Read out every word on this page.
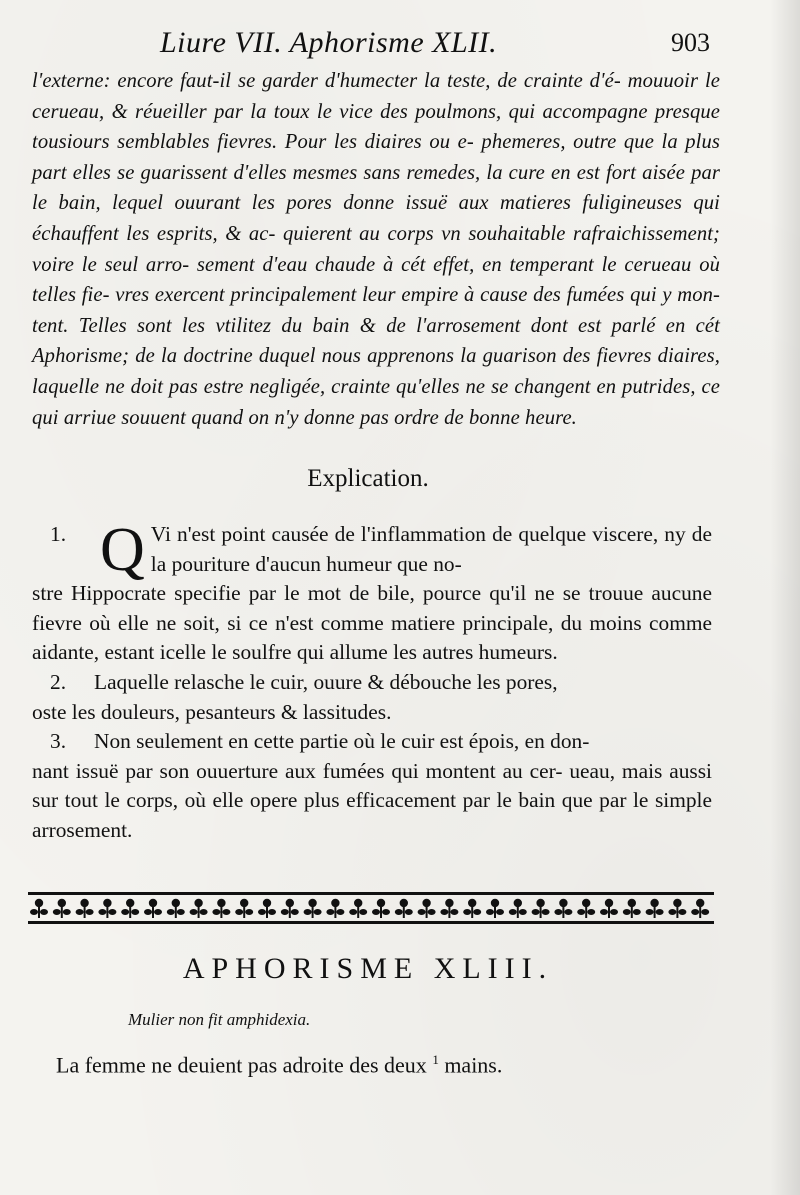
Liure VII. Aphorisme XLII.	903
l'externe: encore faut-il se garder d'humecter la teste, de crainte d'é- mouuoir le cerueau, & réueiller par la toux le vice des poulmons, qui accompagne presque tousiours semblables fievres. Pour les diaires ou e- phemeres, outre que la plus part elles se guarissent d'elles mesmes sans remedes, la cure en est fort aisée par le bain, lequel ouurant les pores donne issuë aux matieres fuligineuses qui échauffent les esprits, & ac- quierent au corps vn souhaitable rafraichissement; voire le seul arro- sement d'eau chaude à cét effet, en temperant le cerueau où telles fie- vres exercent principalement leur empire à cause des fumées qui y mon- tent. Telles sont les vtilitez du bain & de l'arrosement dont est parlé en cét Aphorisme; de la doctrine duquel nous apprenons la guarison des fievres diaires, laquelle ne doit pas estre negligée, crainte qu'elles ne se changent en putrides, ce qui arriue souuent quand on n'y donne pas ordre de bonne heure.
Explication.
1. Q Vi n'est point causée de l'inflammation de quelque viscere, ny de la pouriture d'aucun humeur que no-
stre Hippocrate specifie par le mot de bile, pource qu'il ne se trouue aucune fievre où elle ne soit, si ce n'est comme matiere principale, du moins comme aidante, estant icelle le soulfre qui allume les autres humeurs.
2. Laquelle relasche le cuir, ouure & débouche les pores,
oste les douleurs, pesanteurs & lassitudes.
3. Non seulement en cette partie où le cuir est épois, en don-
nant issuë par son ouuerture aux fumées qui montent au cer- ueau, mais aussi sur tout le corps, où elle opere plus efficacement par le bain que par le simple arrosement.
APHORISME XLIII.
Mulier non fit amphidexia.
La femme ne deuient pas adroite des deux $^1$ mains.
